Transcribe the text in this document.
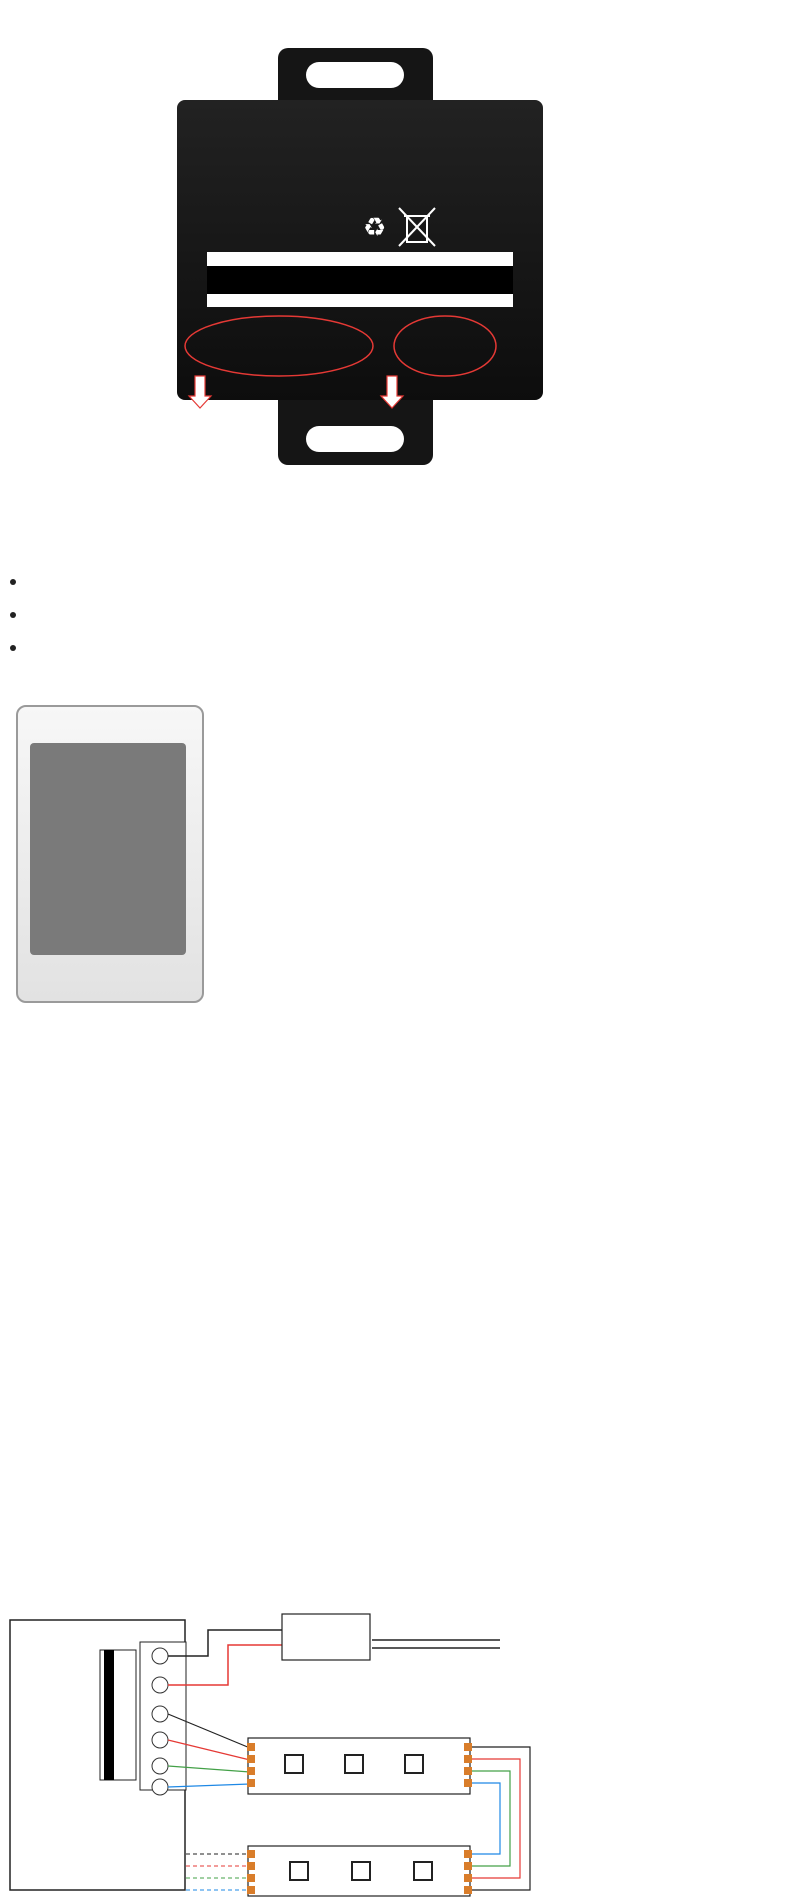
♻
